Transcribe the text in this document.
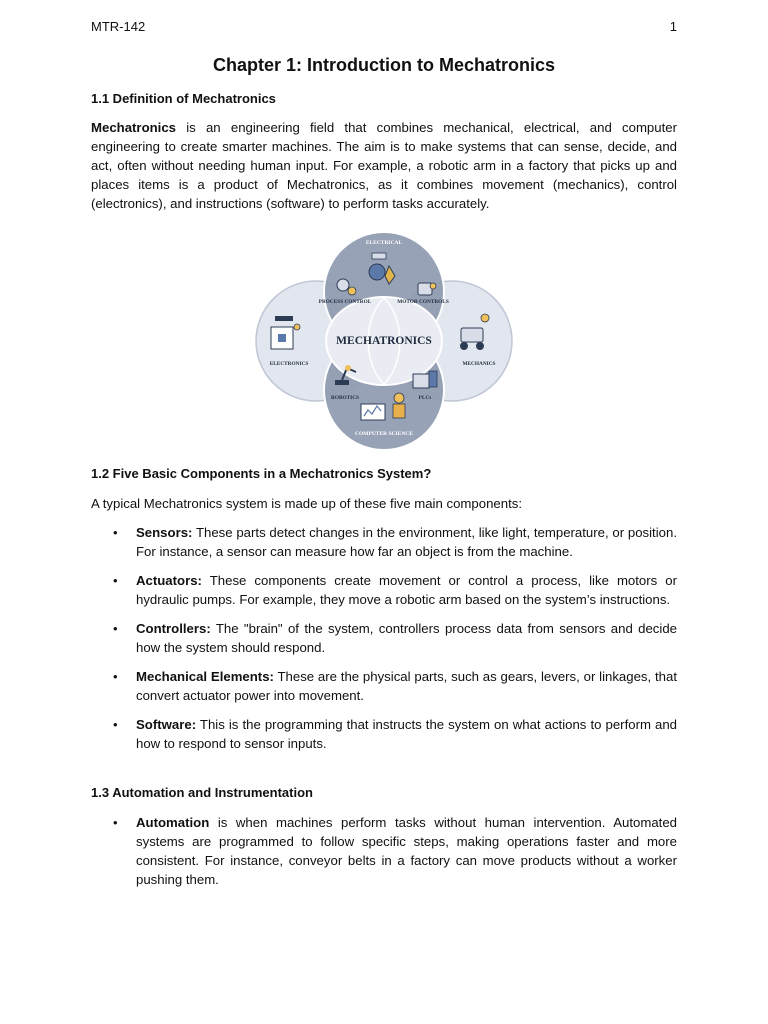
MTR-142	1
Chapter 1: Introduction to Mechatronics
1.1 Definition of Mechatronics
Mechatronics is an engineering field that combines mechanical, electrical, and computer engineering to create smarter machines. The aim is to make systems that can sense, decide, and act, often without needing human input. For example, a robotic arm in a factory that picks up and places items is a product of Mechatronics, as it combines movement (mechanics), control (electronics), and instructions (software) to perform tasks accurately.
ELECTRICAL
PROCESS CONTROL	MOTOR CONTROLS
ELECTRONICS	MECHANICS
ROBOTICS	PLCs
COMPUTER SCIENCE
MECHATRONICS
1.2 Five Basic Components in a Mechatronics System?
A typical Mechatronics system is made up of these five main components:
• Sensors: These parts detect changes in the environment, like light, temperature, or position. For instance, a sensor can measure how far an object is from the machine.
• Actuators: These components create movement or control a process, like motors or hydraulic pumps. For example, they move a robotic arm based on the system’s instructions.
• Controllers: The "brain" of the system, controllers process data from sensors and decide how the system should respond.
• Mechanical Elements: These are the physical parts, such as gears, levers, or linkages, that convert actuator power into movement.
• Software: This is the programming that instructs the system on what actions to perform and how to respond to sensor inputs.
1.3 Automation and Instrumentation
• Automation is when machines perform tasks without human intervention. Automated systems are programmed to follow specific steps, making operations faster and more consistent. For instance, conveyor belts in a factory can move products without a worker pushing them.
